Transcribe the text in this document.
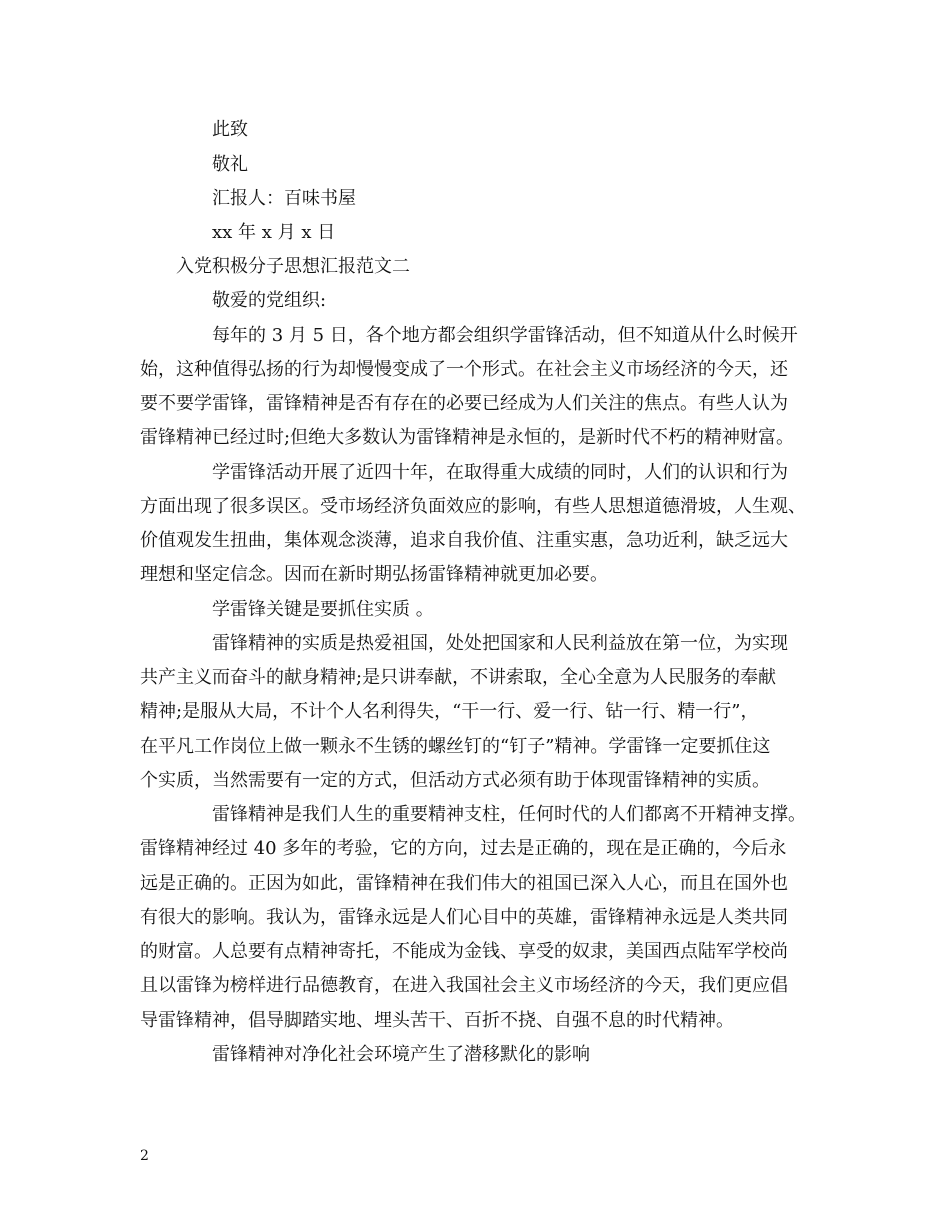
此致
敬礼
汇报人：百味书屋
xx 年 x 月 x 日
入党积极分子思想汇报范文二
敬爱的党组织:
每年的 3 月 5 日，各个地方都会组织学雷锋活动，但不知道从什么时候开
始，这种值得弘扬的行为却慢慢变成了一个形式。在社会主义市场经济的今天，还
要不要学雷锋，雷锋精神是否有存在的必要已经成为人们关注的焦点。有些人认为
雷锋精神已经过时;但绝大多数认为雷锋精神是永恒的，是新时代不朽的精神财富。
学雷锋活动开展了近四十年，在取得重大成绩的同时，人们的认识和行为
方面出现了很多误区。受市场经济负面效应的影响，有些人思想道德滑坡，人生观、
价值观发生扭曲，集体观念淡薄，追求自我价值、注重实惠，急功近利，缺乏远大
理想和坚定信念。因而在新时期弘扬雷锋精神就更加必要。
学雷锋关键是要抓住实质 。
雷锋精神的实质是热爱祖国，处处把国家和人民利益放在第一位，为实现
共产主义而奋斗的献身精神;是只讲奉献，不讲索取，全心全意为人民服务的奉献
精神;是服从大局，不计个人名利得失，“干一行、爱一行、钻一行、精一行”，
在平凡工作岗位上做一颗永不生锈的螺丝钉的“钉子”精神。学雷锋一定要抓住这
个实质，当然需要有一定的方式，但活动方式必须有助于体现雷锋精神的实质。
雷锋精神是我们人生的重要精神支柱，任何时代的人们都离不开精神支撑。
雷锋精神经过 40 多年的考验，它的方向，过去是正确的，现在是正确的，今后永
远是正确的。正因为如此，雷锋精神在我们伟大的祖国已深入人心，而且在国外也
有很大的影响。我认为，雷锋永远是人们心目中的英雄，雷锋精神永远是人类共同
的财富。人总要有点精神寄托，不能成为金钱、享受的奴隶，美国西点陆军学校尚
且以雷锋为榜样进行品德教育，在进入我国社会主义市场经济的今天，我们更应倡
导雷锋精神，倡导脚踏实地、埋头苦干、百折不挠、自强不息的时代精神。
雷锋精神对净化社会环境产生了潜移默化的影响
2
